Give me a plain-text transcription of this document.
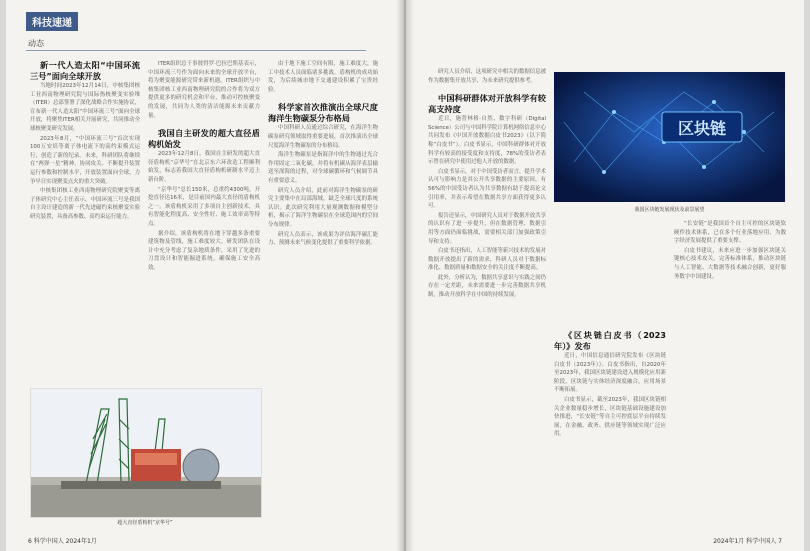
科技速递
动态

新一代人造太阳“中国环流三号”面向全球开放

当地时间2023年12月14日，中核集团核工业西南物理研究院与国际热核聚变实验堆（ITER）总部签署了深化战略合作实施协议，宣布新一代人造太阳“中国环流三号”面向全球开放，将聚焦ITER相关开展研究，共同推动全球核聚变研究发展。

2023年8月，“中国环流三号”首次实现100万安培等离子体电流下的高约束模式运行，创造了新的纪录。未来，科研团队将继续在“两弹一星”精神、协同攻关、不断提升装置运行参数和控制水平，开放装置面向全球，力争早日实现聚变点火的重大突破。

中核集团核工业西南物理研究院聚变等离子体研究中心主任表示，中国环流三号是我国自主设计建造的新一代先进磁约束核聚变实验研究装置，具备高参数、高约束运行能力。

ITER组织总干事彼得罗·巴拉巴斯基表示，中国环流三号作为面向未来的全球开放平台，将为聚变能源研究带来新机遇。ITER组织与中核集团核工业西南物理研究院的合作将为双方提供更多的研究机会和平台，推动可控核聚变的发展，共同为人类的清洁能源未来贡献力量。

我国自主研发的超大直径盾构机始发

2023年12月8日，我国自主研发的超大直径盾构机“京华号”在北京东六环改造工程顺利始发，标志着我国大直径盾构机研制水平迈上新台阶。

“京华号”总长150米，总重约4300吨，开挖直径达16米，是目前国内最大直径的盾构机之一。该盾构机采用了多项自主创新技术，具有智能化程度高、安全性好、施工效率高等特点。

据介绍，该盾构机将在地下穿越多条重要建筑物及管线，施工难度较大。研发团队在设计中充分考虑了复杂地质条件，采用了先进的刀盘设计和智能掘进系统，确保施工安全高效。

由于地下施工空间有限，施工难度大，施工中技术人员面临诸多挑战。盾构机的成功始发，为后续城市地下交通建设积累了宝贵经验。

科学家首次推演出全球尺度海洋生物碳泵分布格局

中国科研人员通过综合研究，在海洋生物碳泵研究领域取得重要进展，首次推演出全球尺度海洋生物碳泵的分布格局。

海洋生物碳泵是指海洋中的生物通过光合作用固定二氧化碳，并将有机碳从海洋表层输送至深海的过程，对全球碳循环和气候调节具有重要意义。

研究人员介绍，此前对海洋生物碳泵的研究主要集中在局部海域，缺乏全球尺度的系统认识。此次研究利用大量观测数据和模型分析，揭示了海洋生物碳泵在全球范围内的空间分布规律。

研究人员表示，该成果为评估海洋碳汇能力、预测未来气候变化提供了重要科学依据。

超大直径盾构机“京华号”
6 科学中国人 2024年1月

研究人员介绍，这项研究中相关的数据信息被作为数据集开放共享，为未来研究提供参考。

中国科研群体对开放科学有较高支持度

近日，施普林格·自然、数字科研（Digital Science）公司与中国科学院计算机网络信息中心共同发布《中国开放数据白皮书2023》（以下简称“白皮书”）。白皮书显示，中国科研群体对开放科学有较高的接受度和支持度，78%的受访者表示曾在研究中使用过他人开放的数据。

白皮书显示，对于中国受访者而言，提升学术认可与影响力是其公开共享数据的主要原因。有56%的中国受访者认为共享数据有助于提高论文引用率，并表示希望在数据共享方面获得更多认可。

报告还显示，中国研究人员对于数据开放共享的认识有了进一步提升，但在数据管理、数据引用等方面仍面临挑战，需要相关部门加强政策引导和支持。

白皮书还指出，人工智能等新兴技术的发展对数据开放提出了新的需求，科研人员对于数据标准化、数据质量和数据安全的关注度不断提高。

此外，分析认为，数据共享意识与实践之间仍存在一定差距，未来需要进一步完善数据共享机制，推动开放科学在中国的持续发展。

区块链
我国区块链发展现状及前景展望

《区块链白皮书（2023年）》发布

近日，中国信息通信研究院发布《区块链白皮书（2023年）》。白皮书指出，自2020年至2023年，我国区块链建设进入规模化应用新阶段，区块链与实体经济深度融合，应用场景不断拓展。

白皮书显示，截至2023年，我国区块链相关企业数量稳步增长，区块链基础设施建设加快推进，“长安链”等自主可控底层平台持续发展，在金融、政务、供应链等领域实现广泛应用。

“长安链”是我国首个自主可控的区块链软硬件技术体系，已在多个行业落地应用，为数字经济发展提供了重要支撑。

白皮书建议，未来应进一步加强区块链关键核心技术攻关，完善标准体系，推动区块链与人工智能、大数据等技术融合创新，更好服务数字中国建设。

2024年1月 科学中国人 7
